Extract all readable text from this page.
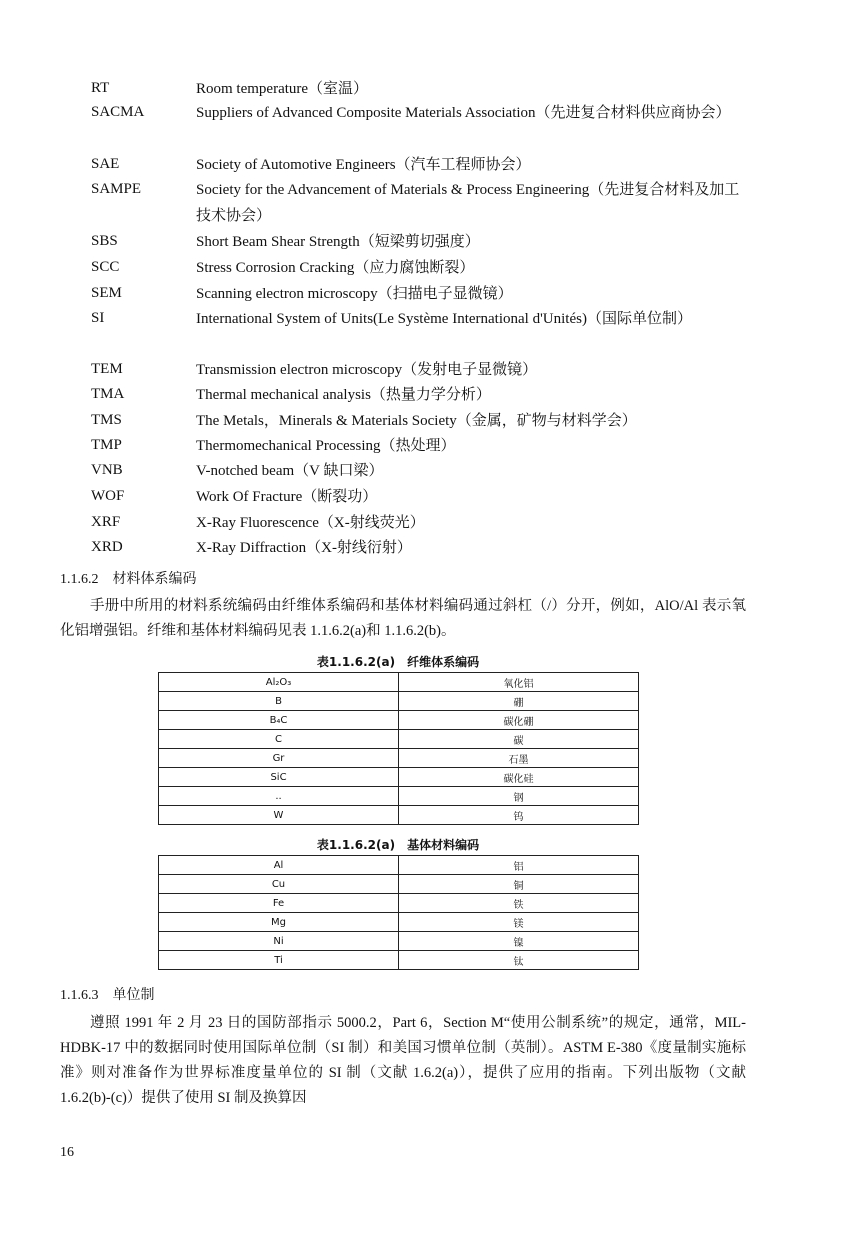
RT	Room temperature（室温）
SACMA	Suppliers of Advanced Composite Materials Association（先进复合材料供应商协会）
SAE	Society of Automotive Engineers（汽车工程师协会）
SAMPE	Society for the Advancement of Materials & Process Engineering（先进复合材料及加工技术协会）
SBS	Short Beam Shear Strength（短梁剪切强度）
SCC	Stress Corrosion Cracking（应力腐蚀断裂）
SEM	Scanning electron microscopy（扫描电子显微镜）
SI	International System of Units(Le Système International d'Unités)（国际单位制）
TEM	Transmission electron microscopy（发射电子显微镜）
TMA	Thermal mechanical analysis（热量力学分析）
TMS	The Metals，Minerals & Materials Society（金属，矿物与材料学会）
TMP	Thermomechanical Processing（热处理）
VNB	V-notched beam（V 缺口梁）
WOF	Work Of Fracture（断裂功）
XRF	X-Ray Fluorescence（X-射线荧光）
XRD	X-Ray Diffraction（X-射线衍射）
1.1.6.2　材料体系编码
手册中所用的材料系统编码由纤维体系编码和基体材料编码通过斜杠（/）分开，例如，AlO/Al 表示氧化铝增强铝。纤维和基体材料编码见表 1.1.6.2(a)和 1.1.6.2(b)。
表1.1.6.2(a)　纤维体系编码
Al₂O₃	氧化铝
B	硼
B₄C	碳化硼
C	碳
Gr	石墨
SiC	碳化硅
..	钢
W	钨
表1.1.6.2(a)　基体材料编码
Al	铝
Cu	铜
Fe	铁
Mg	镁
Ni	镍
Ti	钛
1.1.6.3　单位制
遵照 1991 年 2 月 23 日的国防部指示 5000.2，Part 6，Section M“使用公制系统”的规定，通常，MIL-HDBK-17 中的数据同时使用国际单位制（SI 制）和美国习惯单位制（英制）。ASTM E-380《度量制实施标准》则对准备作为世界标准度量单位的 SI 制（文献 1.6.2(a)），提供了应用的指南。下列出版物（文献 1.6.2(b)-(c)）提供了使用 SI 制及换算因
16
